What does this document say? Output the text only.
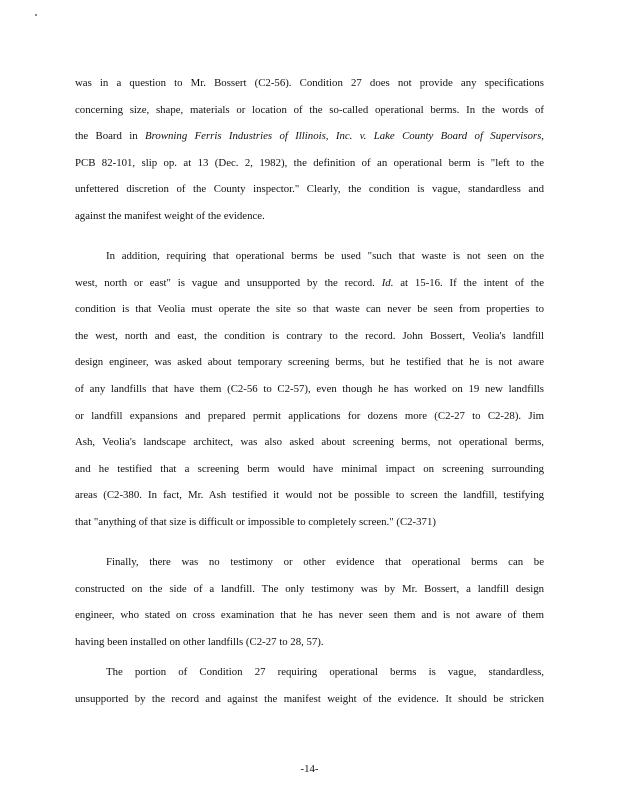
was in a question to Mr. Bossert (C2-56). Condition 27 does not provide any specifications
concerning size, shape, materials or location of the so-called operational berms. In the words of
the Board in Browning Ferris Industries of Illinois, Inc. v. Lake County Board of Supervisors,
PCB 82-101, slip op. at 13 (Dec. 2, 1982), the definition of an operational berm is "left to the
unfettered discretion of the County inspector." Clearly, the condition is vague, standardless and
against the manifest weight of the evidence.
In addition, requiring that operational berms be used "such that waste is not seen on the
west, north or east" is vague and unsupported by the record. Id. at 15-16. If the intent of the
condition is that Veolia must operate the site so that waste can never be seen from properties to
the west, north and east, the condition is contrary to the record. John Bossert, Veolia's landfill
design engineer, was asked about temporary screening berms, but he testified that he is not aware
of any landfills that have them (C2-56 to C2-57), even though he has worked on 19 new landfills
or landfill expansions and prepared permit applications for dozens more (C2-27 to C2-28). Jim
Ash, Veolia's landscape architect, was also asked about screening berms, not operational berms,
and he testified that a screening berm would have minimal impact on screening surrounding
areas (C2-380. In fact, Mr. Ash testified it would not be possible to screen the landfill, testifying
that "anything of that size is difficult or impossible to completely screen." (C2-371)
Finally, there was no testimony or other evidence that operational berms can be
constructed on the side of a landfill. The only testimony was by Mr. Bossert, a landfill design
engineer, who stated on cross examination that he has never seen them and is not aware of them
having been installed on other landfills (C2-27 to 28, 57).
The portion of Condition 27 requiring operational berms is vague, standardless,
unsupported by the record and against the manifest weight of the evidence. It should be stricken
-14-
